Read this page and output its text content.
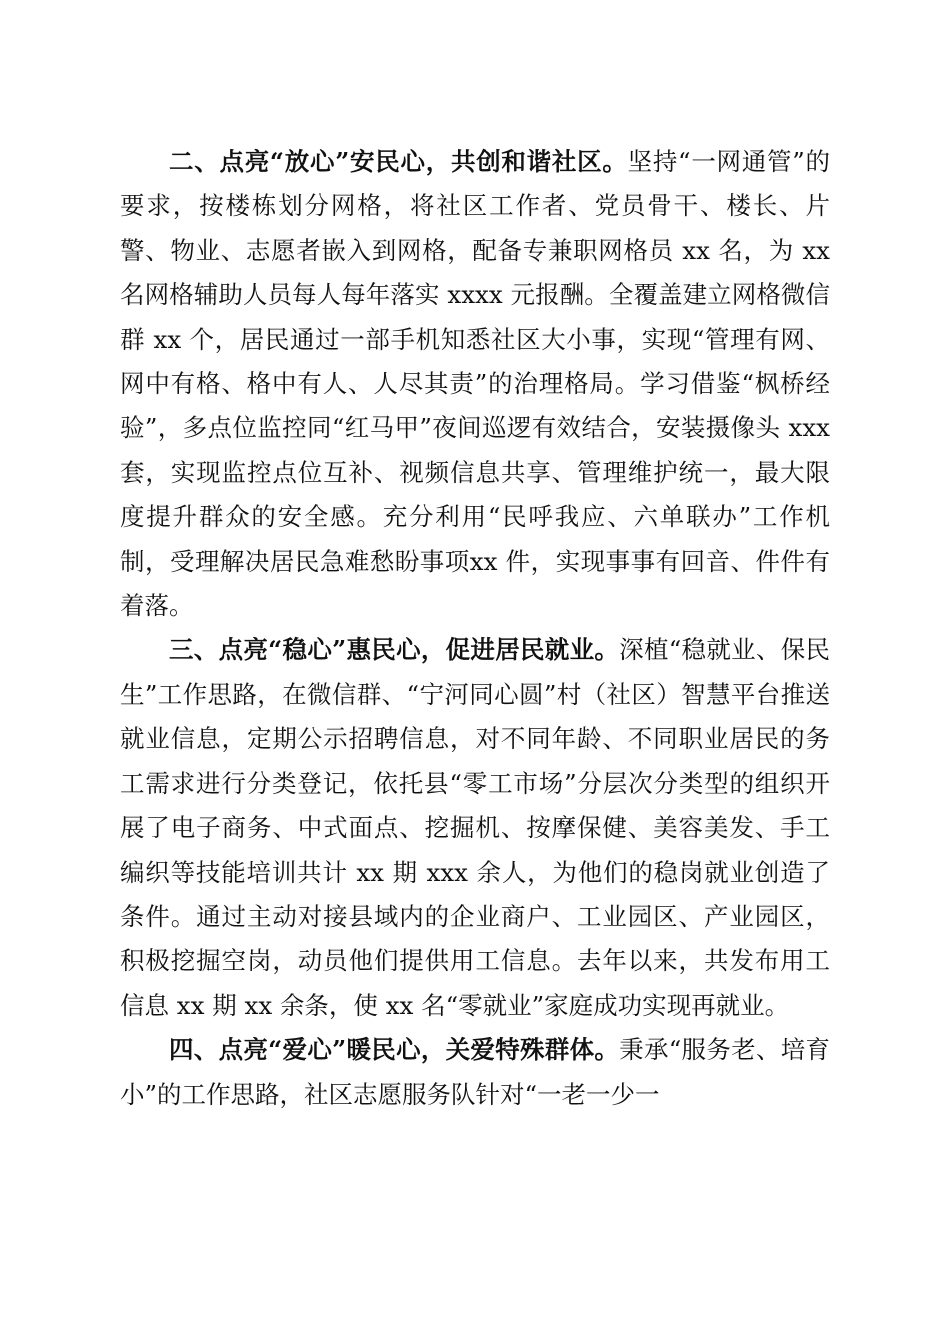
二、点亮“放心”安民心，共创和谐社区。坚持“一网通管”的要求，按楼栋划分网格，将社区工作者、党员骨干、楼长、片警、物业、志愿者嵌入到网格，配备专兼职网格员 xx 名，为 xx 名网格辅助人员每人每年落实 xxxx 元报酬。全覆盖建立网格微信群 xx 个，居民通过一部手机知悉社区大小事，实现“管理有网、网中有格、格中有人、人尽其责”的治理格局。学习借鉴“枫桥经验”，多点位监控同“红马甲”夜间巡逻有效结合，安装摄像头 xxx 套，实现监控点位互补、视频信息共享、管理维护统一，最大限度提升群众的安全感。充分利用“民呼我应、六单联办”工作机制，受理解决居民急难愁盼事项xx 件，实现事事有回音、件件有着落。

三、点亮“稳心”惠民心，促进居民就业。深植“稳就业、保民生”工作思路，在微信群、“宁河同心圆”村（社区）智慧平台推送就业信息，定期公示招聘信息，对不同年龄、不同职业居民的务工需求进行分类登记，依托县“零工市场”分层次分类型的组织开展了电子商务、中式面点、挖掘机、按摩保健、美容美发、手工编织等技能培训共计 xx 期 xxx 余人，为他们的稳岗就业创造了条件。通过主动对接县域内的企业商户、工业园区、产业园区，积极挖掘空岗，动员他们提供用工信息。去年以来，共发布用工信息 xx 期 xx 余条，使 xx 名“零就业”家庭成功实现再就业。

四、点亮“爱心”暖民心，关爱特殊群体。秉承“服务老、培育小”的工作思路，社区志愿服务队针对“一老一少一
